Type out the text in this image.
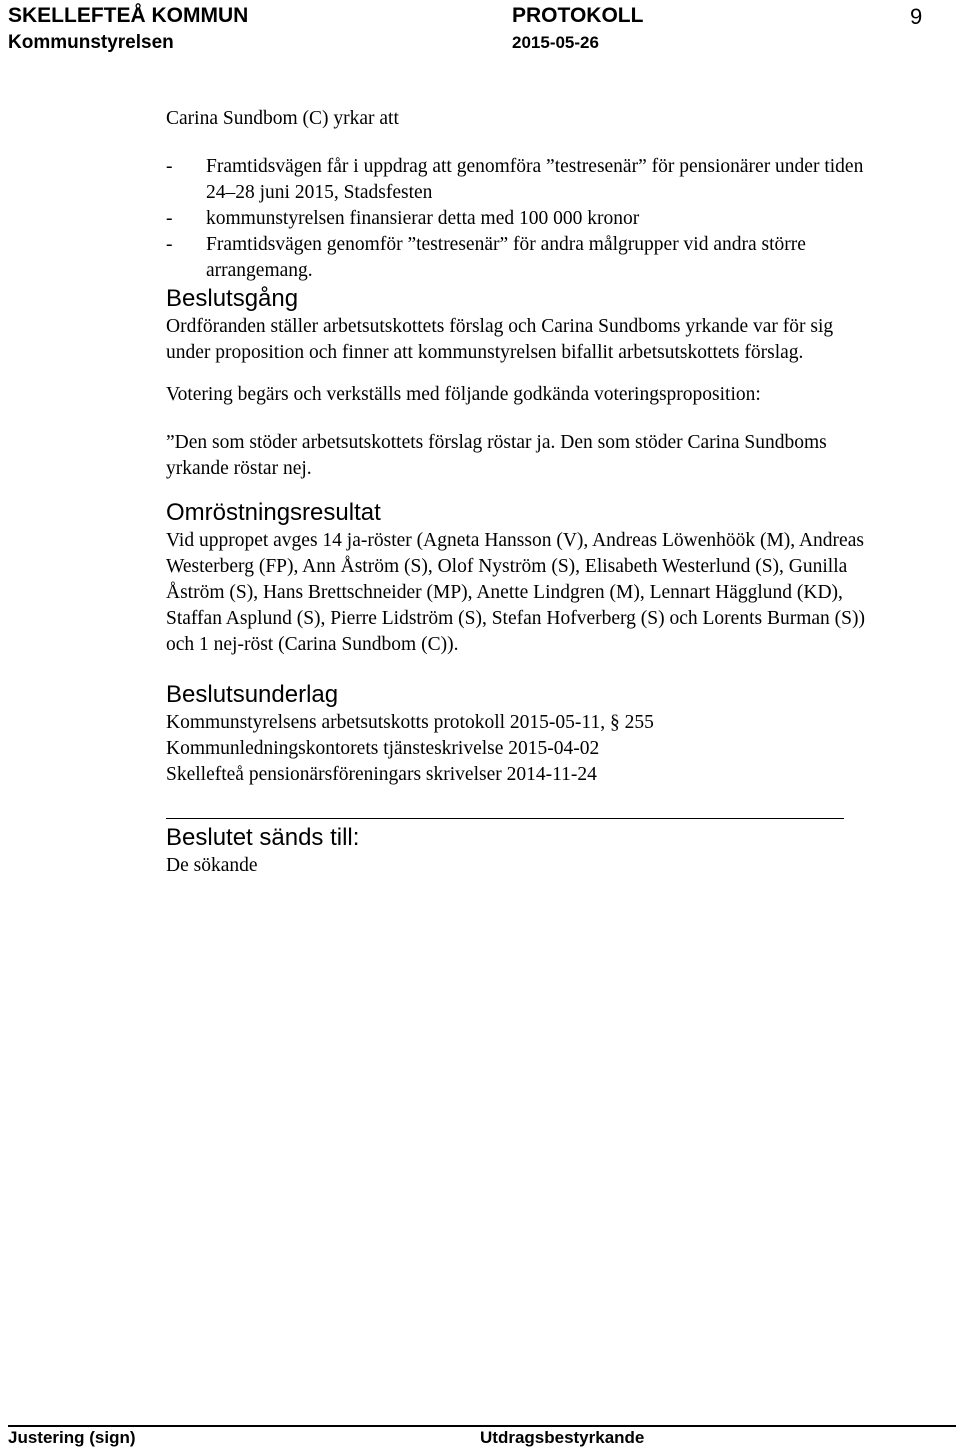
SKELLEFTEÅ KOMMUN
Kommunstyrelsen
PROTOKOLL
2015-05-26
9

Carina Sundbom (C) yrkar att

- Framtidsvägen får i uppdrag att genomföra ”testresenär” för pensionärer under tiden 24–28 juni 2015, Stadsfesten
- kommunstyrelsen finansierar detta med 100 000 kronor
- Framtidsvägen genomför ”testresenär” för andra målgrupper vid andra större arrangemang.
Beslutsgång

Ordföranden ställer arbetsutskottets förslag och Carina Sundboms yrkande var för sig under proposition och finner att kommunstyrelsen bifallit arbetsutskottets förslag.

Votering begärs och verkställs med följande godkända voteringsproposition:

”Den som stöder arbetsutskottets förslag röstar ja. Den som stöder Carina Sundboms yrkande röstar nej.

Omröstningsresultat

Vid uppropet avges 14 ja-röster (Agneta Hansson (V), Andreas Löwenhöök (M), Andreas Westerberg (FP), Ann Åström (S), Olof Nyström (S), Elisabeth Westerlund (S), Gunilla Åström (S), Hans Brettschneider (MP), Anette Lindgren (M), Lennart Hägglund (KD), Staffan Asplund (S), Pierre Lidström (S), Stefan Hofverberg (S) och Lorents Burman (S)) och 1 nej-röst (Carina Sundbom (C)).

Beslutsunderlag

Kommunstyrelsens arbetsutskotts protokoll 2015-05-11, § 255

Kommunledningskontorets tjänsteskrivelse 2015-04-02

Skellefteå pensionärsföreningars skrivelser 2014-11-24

Beslutet sänds till:

De sökande

Justering (sign)	Utdragsbestyrkande
